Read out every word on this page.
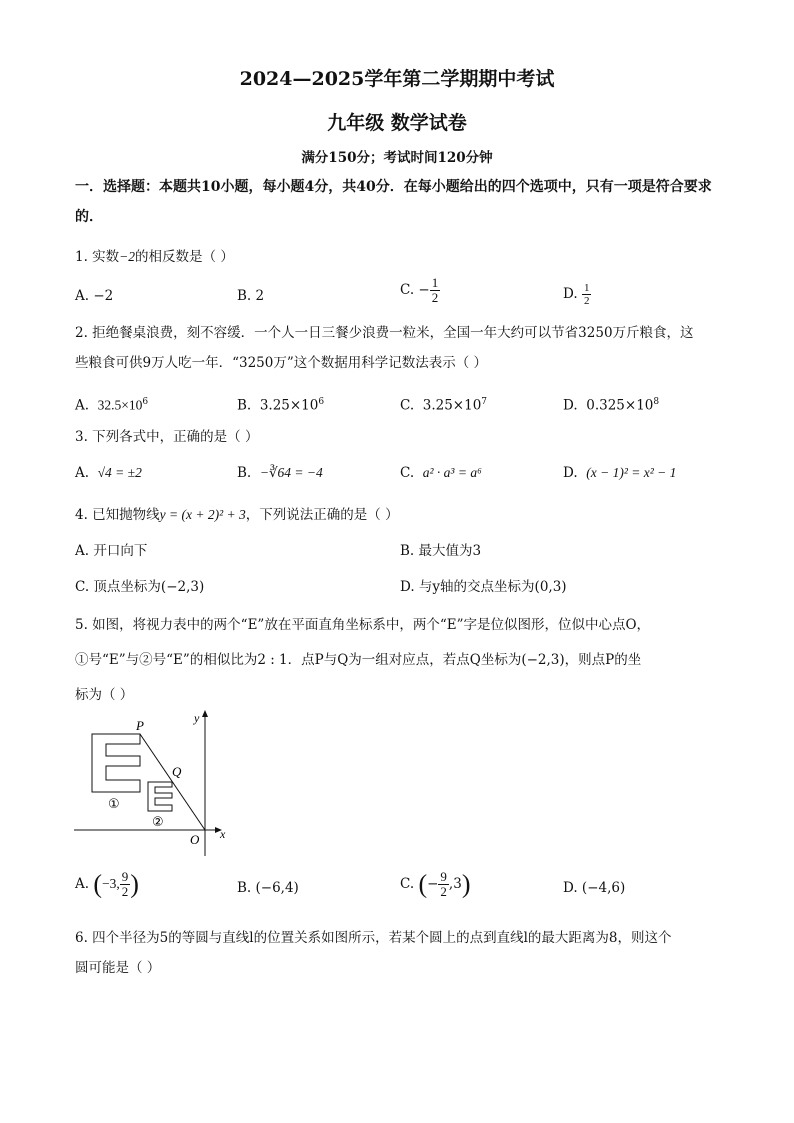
2024—2025学年第二学期期中考试
九年级 数学试卷
满分150分；考试时间120分钟
一．选择题：本题共10小题，每小题4分，共40分．在每小题给出的四个选项中，只有一项是符合要求的．
1. 实数−2的相反数是（ ）
A. −2	B. 2	C. − $\frac{1}{2}$	D. $\frac{1}{2}$
2. 拒绝餐桌浪费，刻不容缓．一个人一日三餐少浪费一粒米，全国一年大约可以节省3250万斤粮食，这
些粮食可供9万人吃一年．“3250万”这个数据用科学记数法表示（ ）
A. $32.5\times 10^6$	B. $3.25\times 10^6$	C. $3.25\times 10^7$	D. $0.325\times 10^8$
3. 下列各式中，正确的是（ ）
A. √4 = ±2	B. −∛64 = −4	C. a² · a³ = a⁶	D. (x − 1)² = x² − 1
4. 已知抛物线y = (x + 2)² + 3，下列说法正确的是（ ）
A. 开口向下	B. 最大值为3
C. 顶点坐标为(−2,3)	D. 与y轴的交点坐标为(0,3)
5. 如图，将视力表中的两个“E”放在平面直角坐标系中，两个“E”字是位似图形，位似中心点O，
①号“E”与②号“E”的相似比为2 : 1．点P与Q为一组对应点，若点Q坐标为(−2,3)，则点P的坐
标为（ ）
P
Q
O x
y
①
②
A. (−3, $\frac{9}{2}$ )	B. (−6,4)	C. (− $\frac{9}{2} ,3$)	D. (−4,6)
6. 四个半径为5的等圆与直线l的位置关系如图所示，若某个圆上的点到直线l的最大距离为8，则这个
圆可能是（ ）
